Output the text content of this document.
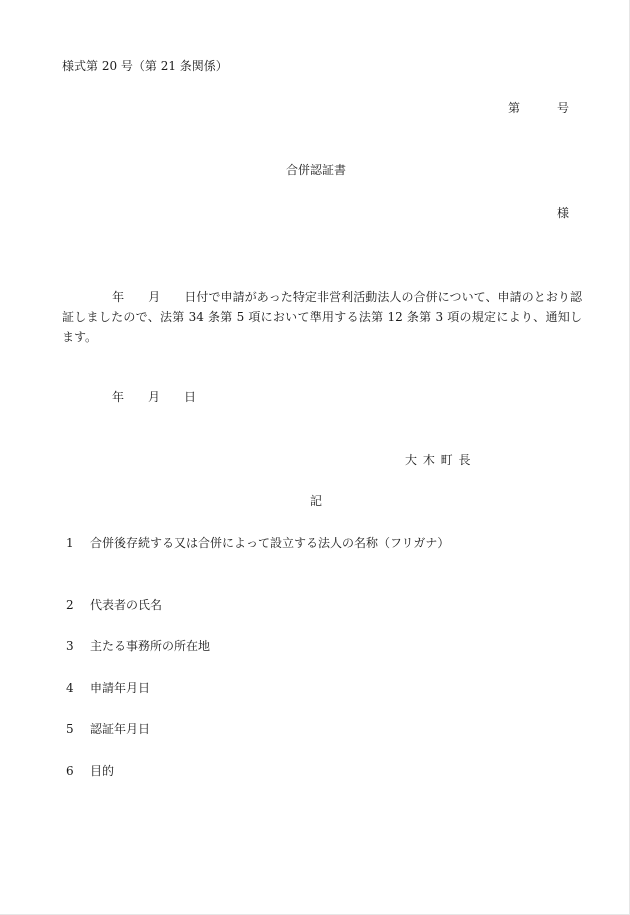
様式第 20 号（第 21 条関係）
第	号
合併認証書
様
年 月 日付で申請があった特定非営利活動法人の合併について、申請のとおり認証しましたので、法第 34 条第 5 項において準用する法第 12 条第 3 項の規定により、通知します。
年 月 日
大 木 町 長
記
1 合併後存続する又は合併によって設立する法人の名称（フリガナ）
2 代表者の氏名
3 主たる事務所の所在地
4 申請年月日
5 認証年月日
6 目的
